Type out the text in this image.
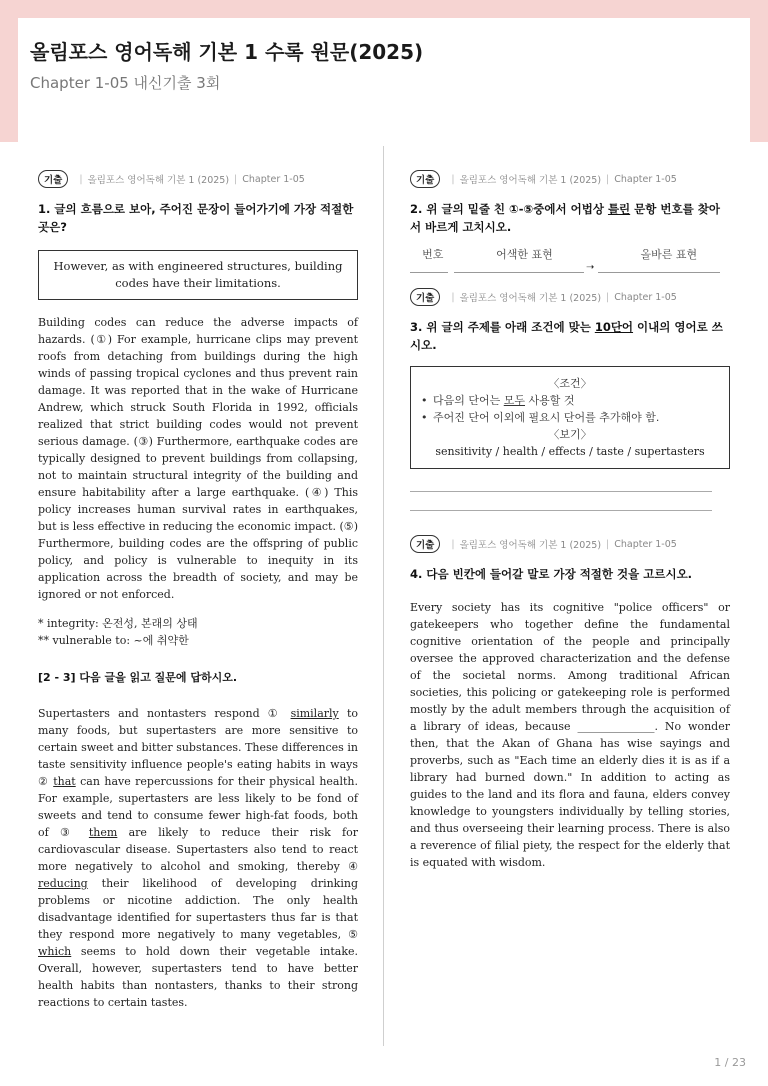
올림포스 영어독해 기본 1 수록 원문(2025)
Chapter 1-05 내신기출 3회
기출	| 올림포스 영어독해 기본 1 (2025) | Chapter 1-05
1. 글의 흐름으로 보아, 주어진 문장이 들어가기에 가장 적절한 곳은?
However, as with engineered structures, building codes have their limitations.
Building codes can reduce the adverse impacts of hazards. (①) For example, hurricane clips may prevent roofs from detaching from buildings during the high winds of passing tropical cyclones and thus prevent rain damage. It was reported that in the wake of Hurricane Andrew, which struck South Florida in 1992, officials realized that strict building codes would not prevent serious damage. (③) Furthermore, earthquake codes are typically designed to prevent buildings from collapsing, not to maintain structural integrity of the building and ensure habitability after a large earthquake. (④) This policy increases human survival rates in earthquakes, but is less effective in reducing the economic impact. (⑤) Furthermore, building codes are the offspring of public policy, and policy is vulnerable to inequity in its application across the breadth of society, and may be ignored or not enforced.
* integrity: 온전성, 본래의 상태
** vulnerable to: ~에 취약한
[2 - 3] 다음 글을 읽고 질문에 답하시오.
Supertasters and nontasters respond ① similarly to many foods, but supertasters are more sensitive to certain sweet and bitter substances. These differences in taste sensitivity influence people's eating habits in ways ② that can have repercussions for their physical health. For example, supertasters are less likely to be fond of sweets and tend to consume fewer high-fat foods, both of ③ them are likely to reduce their risk for cardiovascular disease. Supertasters also tend to react more negatively to alcohol and smoking, thereby ④ reducing their likelihood of developing drinking problems or nicotine addiction. The only health disadvantage identified for supertasters thus far is that they respond more negatively to many vegetables, ⑤ which seems to hold down their vegetable intake. Overall, however, supertasters tend to have better health habits than nontasters, thanks to their strong reactions to certain tastes.
기출	| 올림포스 영어독해 기본 1 (2025) | Chapter 1-05
2. 위 글의 밑줄 친 ①-⑤중에서 어법상 틀린 문항 번호를 찾아 서 바르게 고치시오.
번호	어색한 표현	올바른 표현
➝
기출	| 올림포스 영어독해 기본 1 (2025) | Chapter 1-05
3. 위 글의 주제를 아래 조건에 맞는 10단어 이내의 영어로 쓰시오.
〈조건〉
• 다음의 단어는 모두 사용할 것
• 주어진 단어 이외에 필요시 단어를 추가해야 함.
〈보기〉
sensitivity / health / effects / taste / supertasters
기출	| 올림포스 영어독해 기본 1 (2025) | Chapter 1-05
4. 다음 빈칸에 들어갈 말로 가장 적절한 것을 고르시오.
Every society has its cognitive "police officers" or gatekeepers who together define the fundamental cognitive orientation of the people and principally oversee the approved characterization and the defense of the societal norms. Among traditional African societies, this policing or gatekeeping role is performed mostly by the adult members through the acquisition of a library of ideas, because ______________. No wonder then, that the Akan of Ghana has wise sayings and proverbs, such as "Each time an elderly dies it is as if a library had burned down." In addition to acting as guides to the land and its flora and fauna, elders convey knowledge to youngsters individually by telling stories, and thus overseeing their learning process. There is also a reverence of filial piety, the respect for the elderly that is equated with wisdom.
1 / 23
